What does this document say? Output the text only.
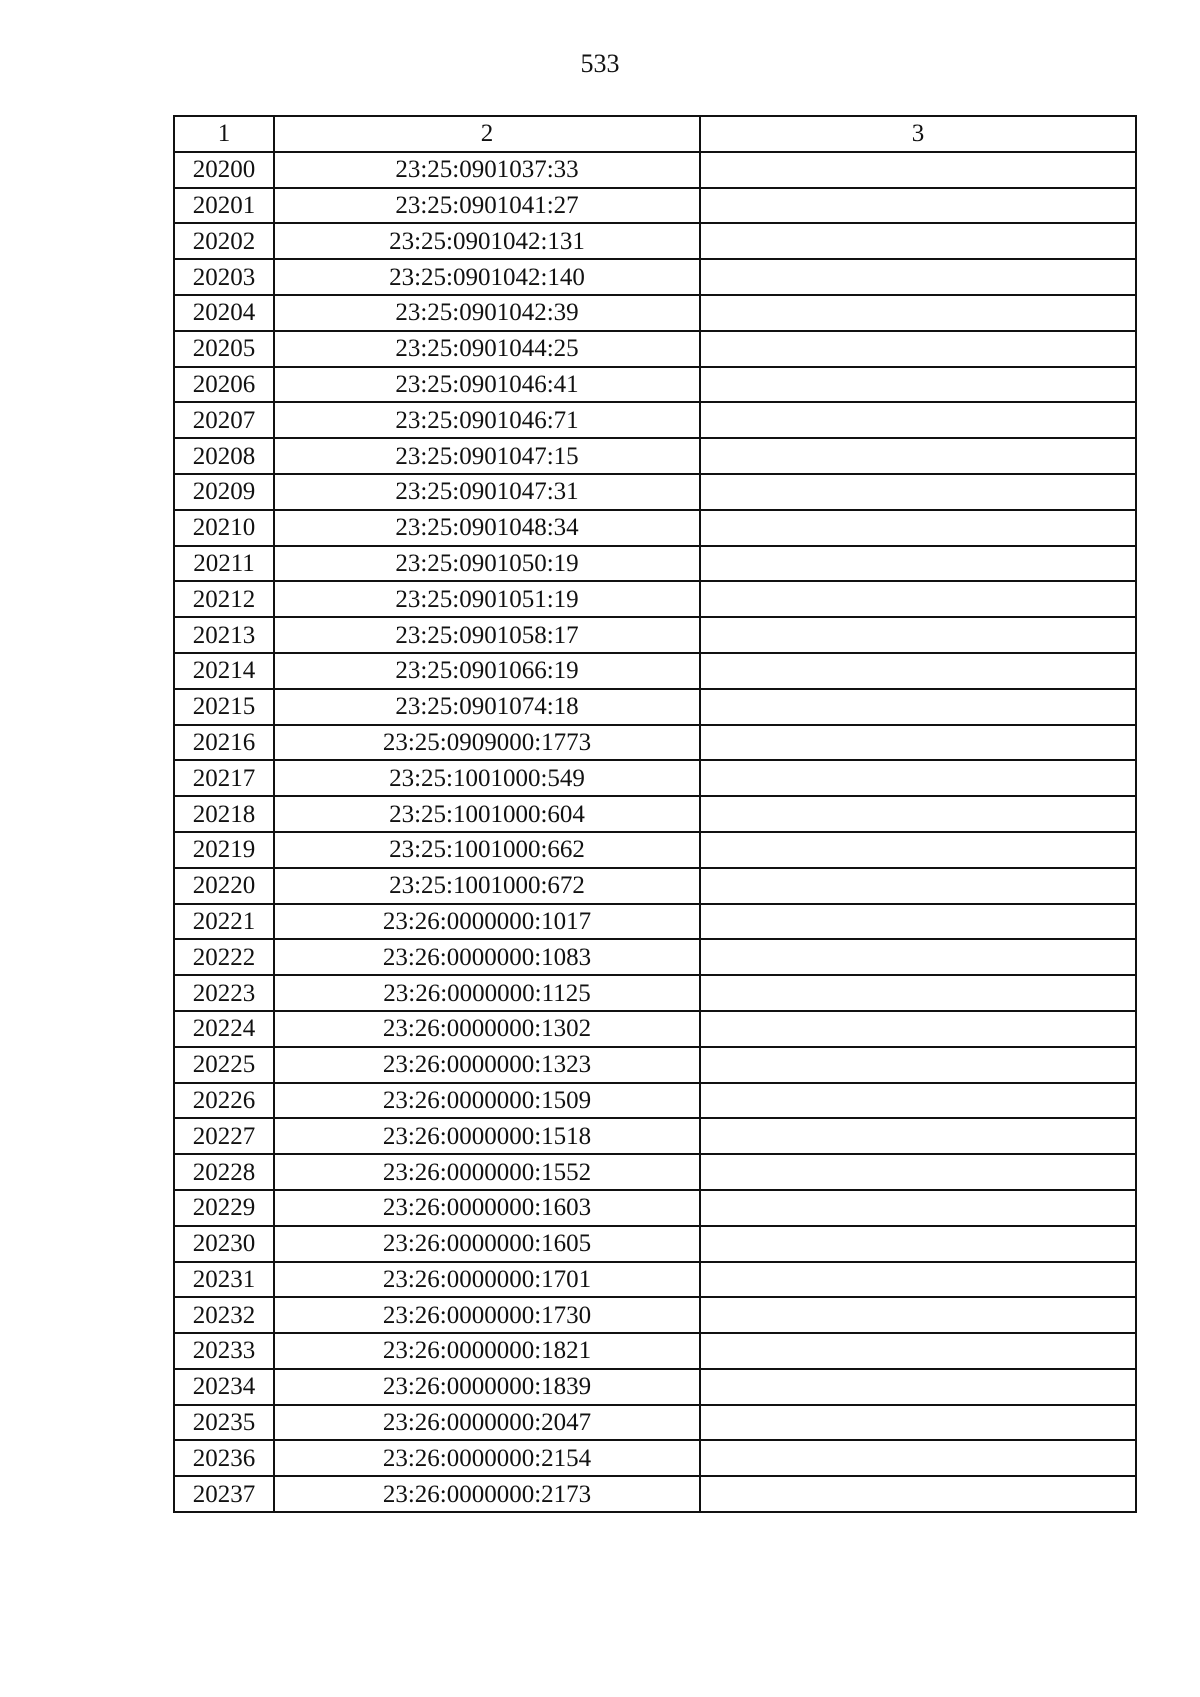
533
1	2	3
20200	23:25:0901037:33	
20201	23:25:0901041:27	
20202	23:25:0901042:131	
20203	23:25:0901042:140	
20204	23:25:0901042:39	
20205	23:25:0901044:25	
20206	23:25:0901046:41	
20207	23:25:0901046:71	
20208	23:25:0901047:15	
20209	23:25:0901047:31	
20210	23:25:0901048:34	
20211	23:25:0901050:19	
20212	23:25:0901051:19	
20213	23:25:0901058:17	
20214	23:25:0901066:19	
20215	23:25:0901074:18	
20216	23:25:0909000:1773	
20217	23:25:1001000:549	
20218	23:25:1001000:604	
20219	23:25:1001000:662	
20220	23:25:1001000:672	
20221	23:26:0000000:1017	
20222	23:26:0000000:1083	
20223	23:26:0000000:1125	
20224	23:26:0000000:1302	
20225	23:26:0000000:1323	
20226	23:26:0000000:1509	
20227	23:26:0000000:1518	
20228	23:26:0000000:1552	
20229	23:26:0000000:1603	
20230	23:26:0000000:1605	
20231	23:26:0000000:1701	
20232	23:26:0000000:1730	
20233	23:26:0000000:1821	
20234	23:26:0000000:1839	
20235	23:26:0000000:2047	
20236	23:26:0000000:2154	
20237	23:26:0000000:2173	
